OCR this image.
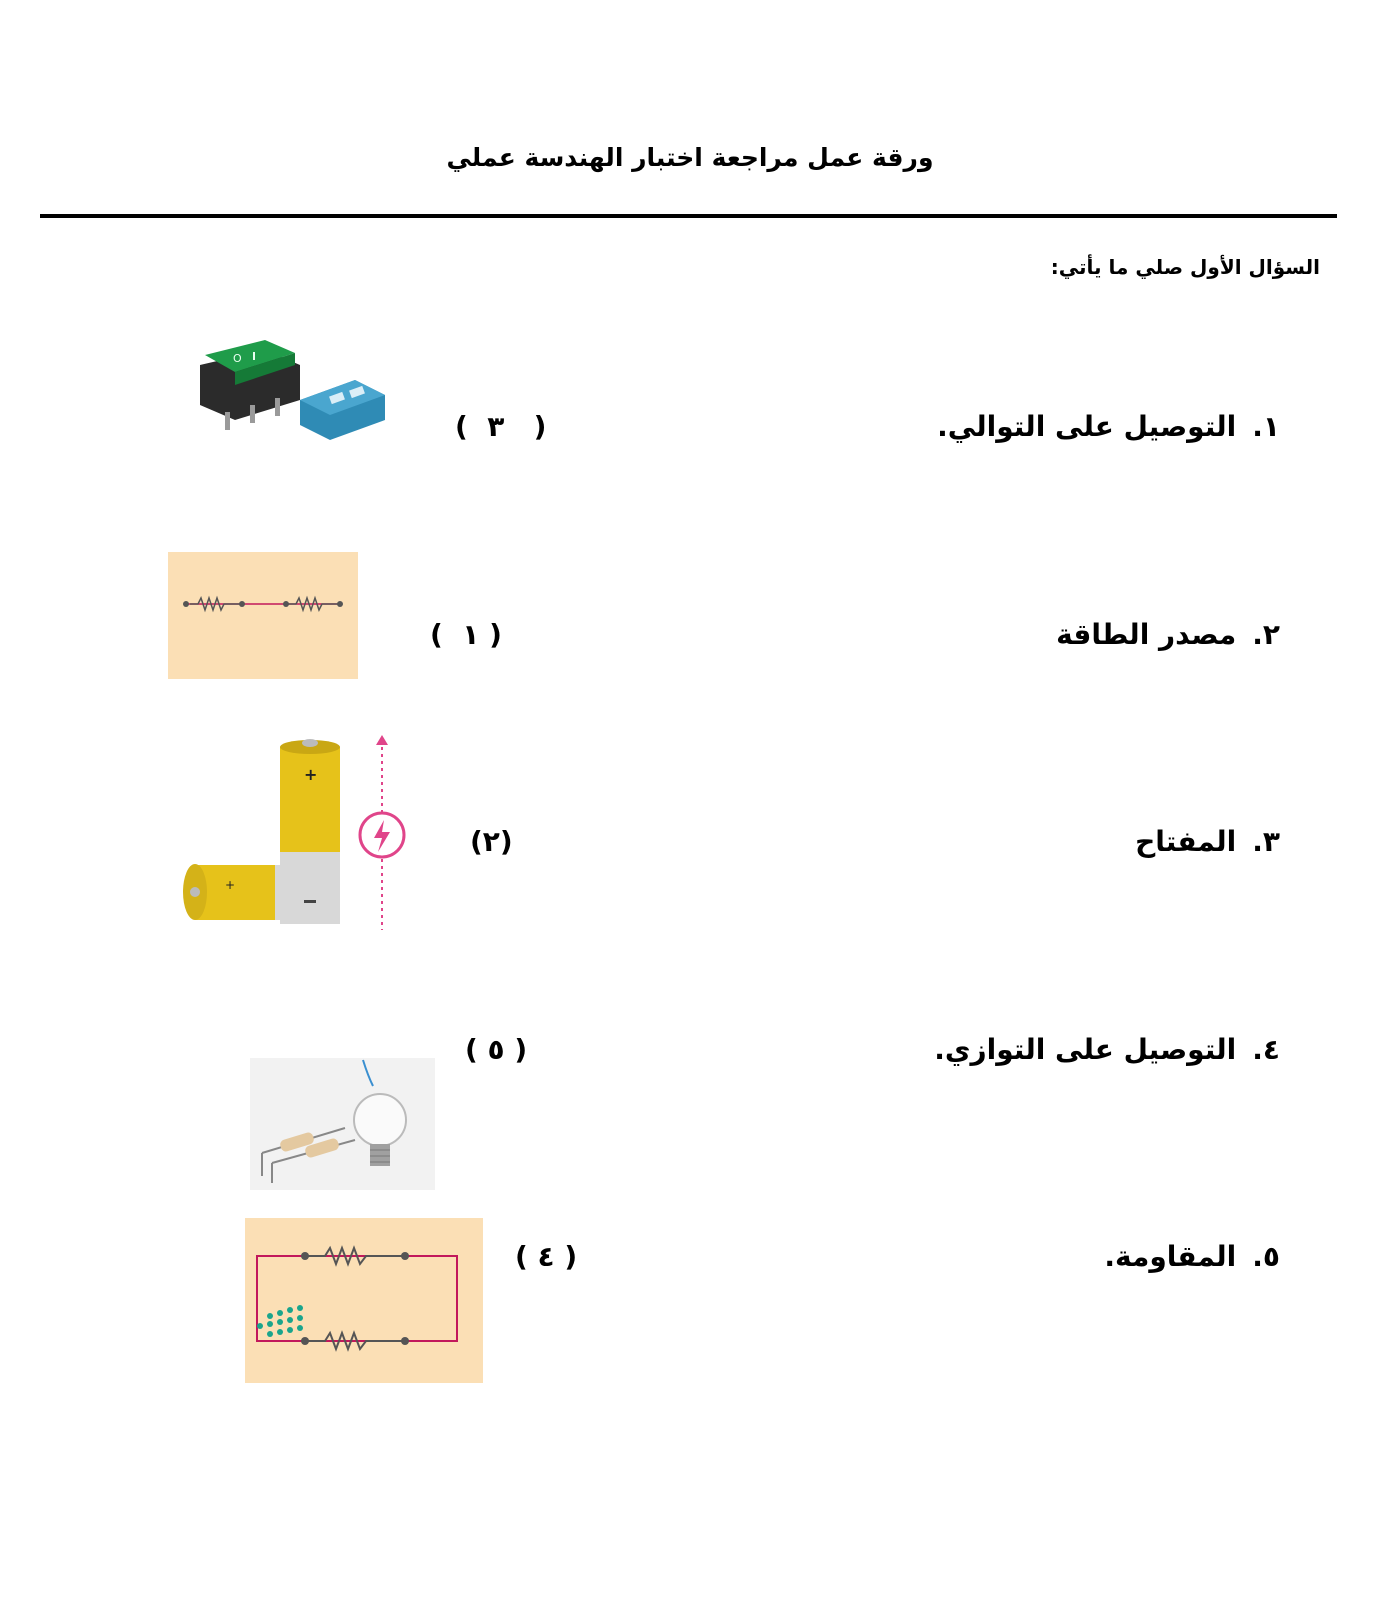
ورقة عمل مراجعة اختبار الهندسة عملي
السؤال الأول صلي ما يأتي:
١.التوصيل على التوالي.
(   ٣  )
٢.مصدر الطاقة
( ١  )
٣.المفتاح
(٢)
٤.التوصيل على التوازي.
( ٥ )
٥.المقاومة.
( ٤ )
O
+
+
